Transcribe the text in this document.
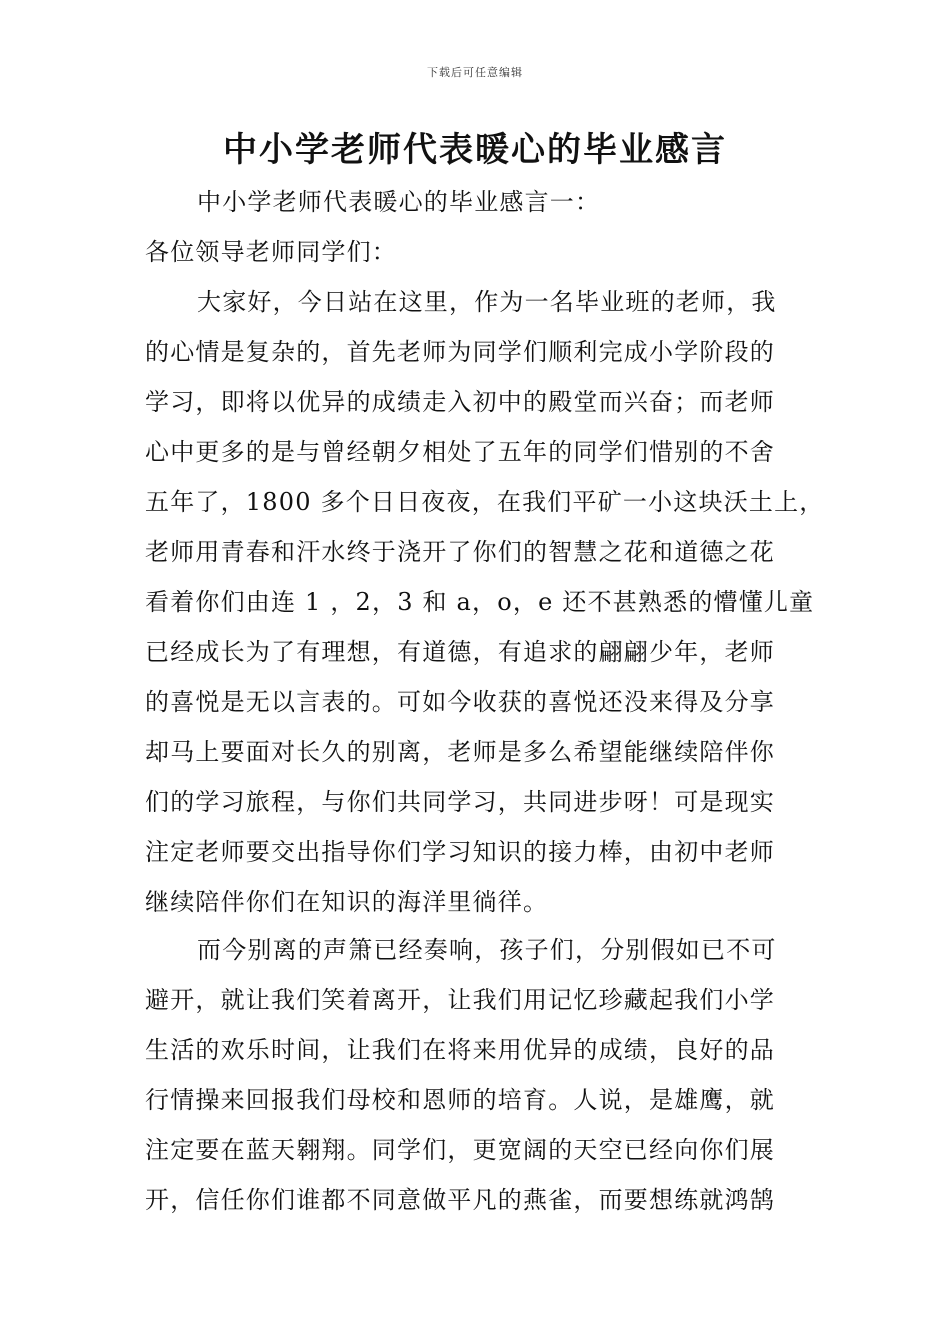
下载后可任意编辑
中小学老师代表暖心的毕业感言
中小学老师代表暖心的毕业感言一：
各位领导老师同学们：
大家好，今日站在这里，作为一名毕业班的老师，我
的心情是复杂的，首先老师为同学们顺利完成小学阶段的
学习，即将以优异的成绩走入初中的殿堂而兴奋；而老师
心中更多的是与曾经朝夕相处了五年的同学们惜别的不舍
五年了，1800 多个日日夜夜，在我们平矿一小这块沃土上，
老师用青春和汗水终于浇开了你们的智慧之花和道德之花
看着你们由连 1 ，2，3 和 a，o，e 还不甚熟悉的懵懂儿童
已经成长为了有理想，有道德，有追求的翩翩少年，老师
的喜悦是无以言表的。可如今收获的喜悦还没来得及分享
却马上要面对长久的别离，老师是多么希望能继续陪伴你
们的学习旅程，与你们共同学习，共同进步呀！可是现实
注定老师要交出指导你们学习知识的接力棒，由初中老师
继续陪伴你们在知识的海洋里徜徉。
而今别离的声箫已经奏响，孩子们，分别假如已不可
避开，就让我们笑着离开，让我们用记忆珍藏起我们小学
生活的欢乐时间，让我们在将来用优异的成绩，良好的品
行情操来回报我们母校和恩师的培育。人说，是雄鹰，就
注定要在蓝天翱翔。同学们，更宽阔的天空已经向你们展
开，信任你们谁都不同意做平凡的燕雀，而要想练就鸿鹄
